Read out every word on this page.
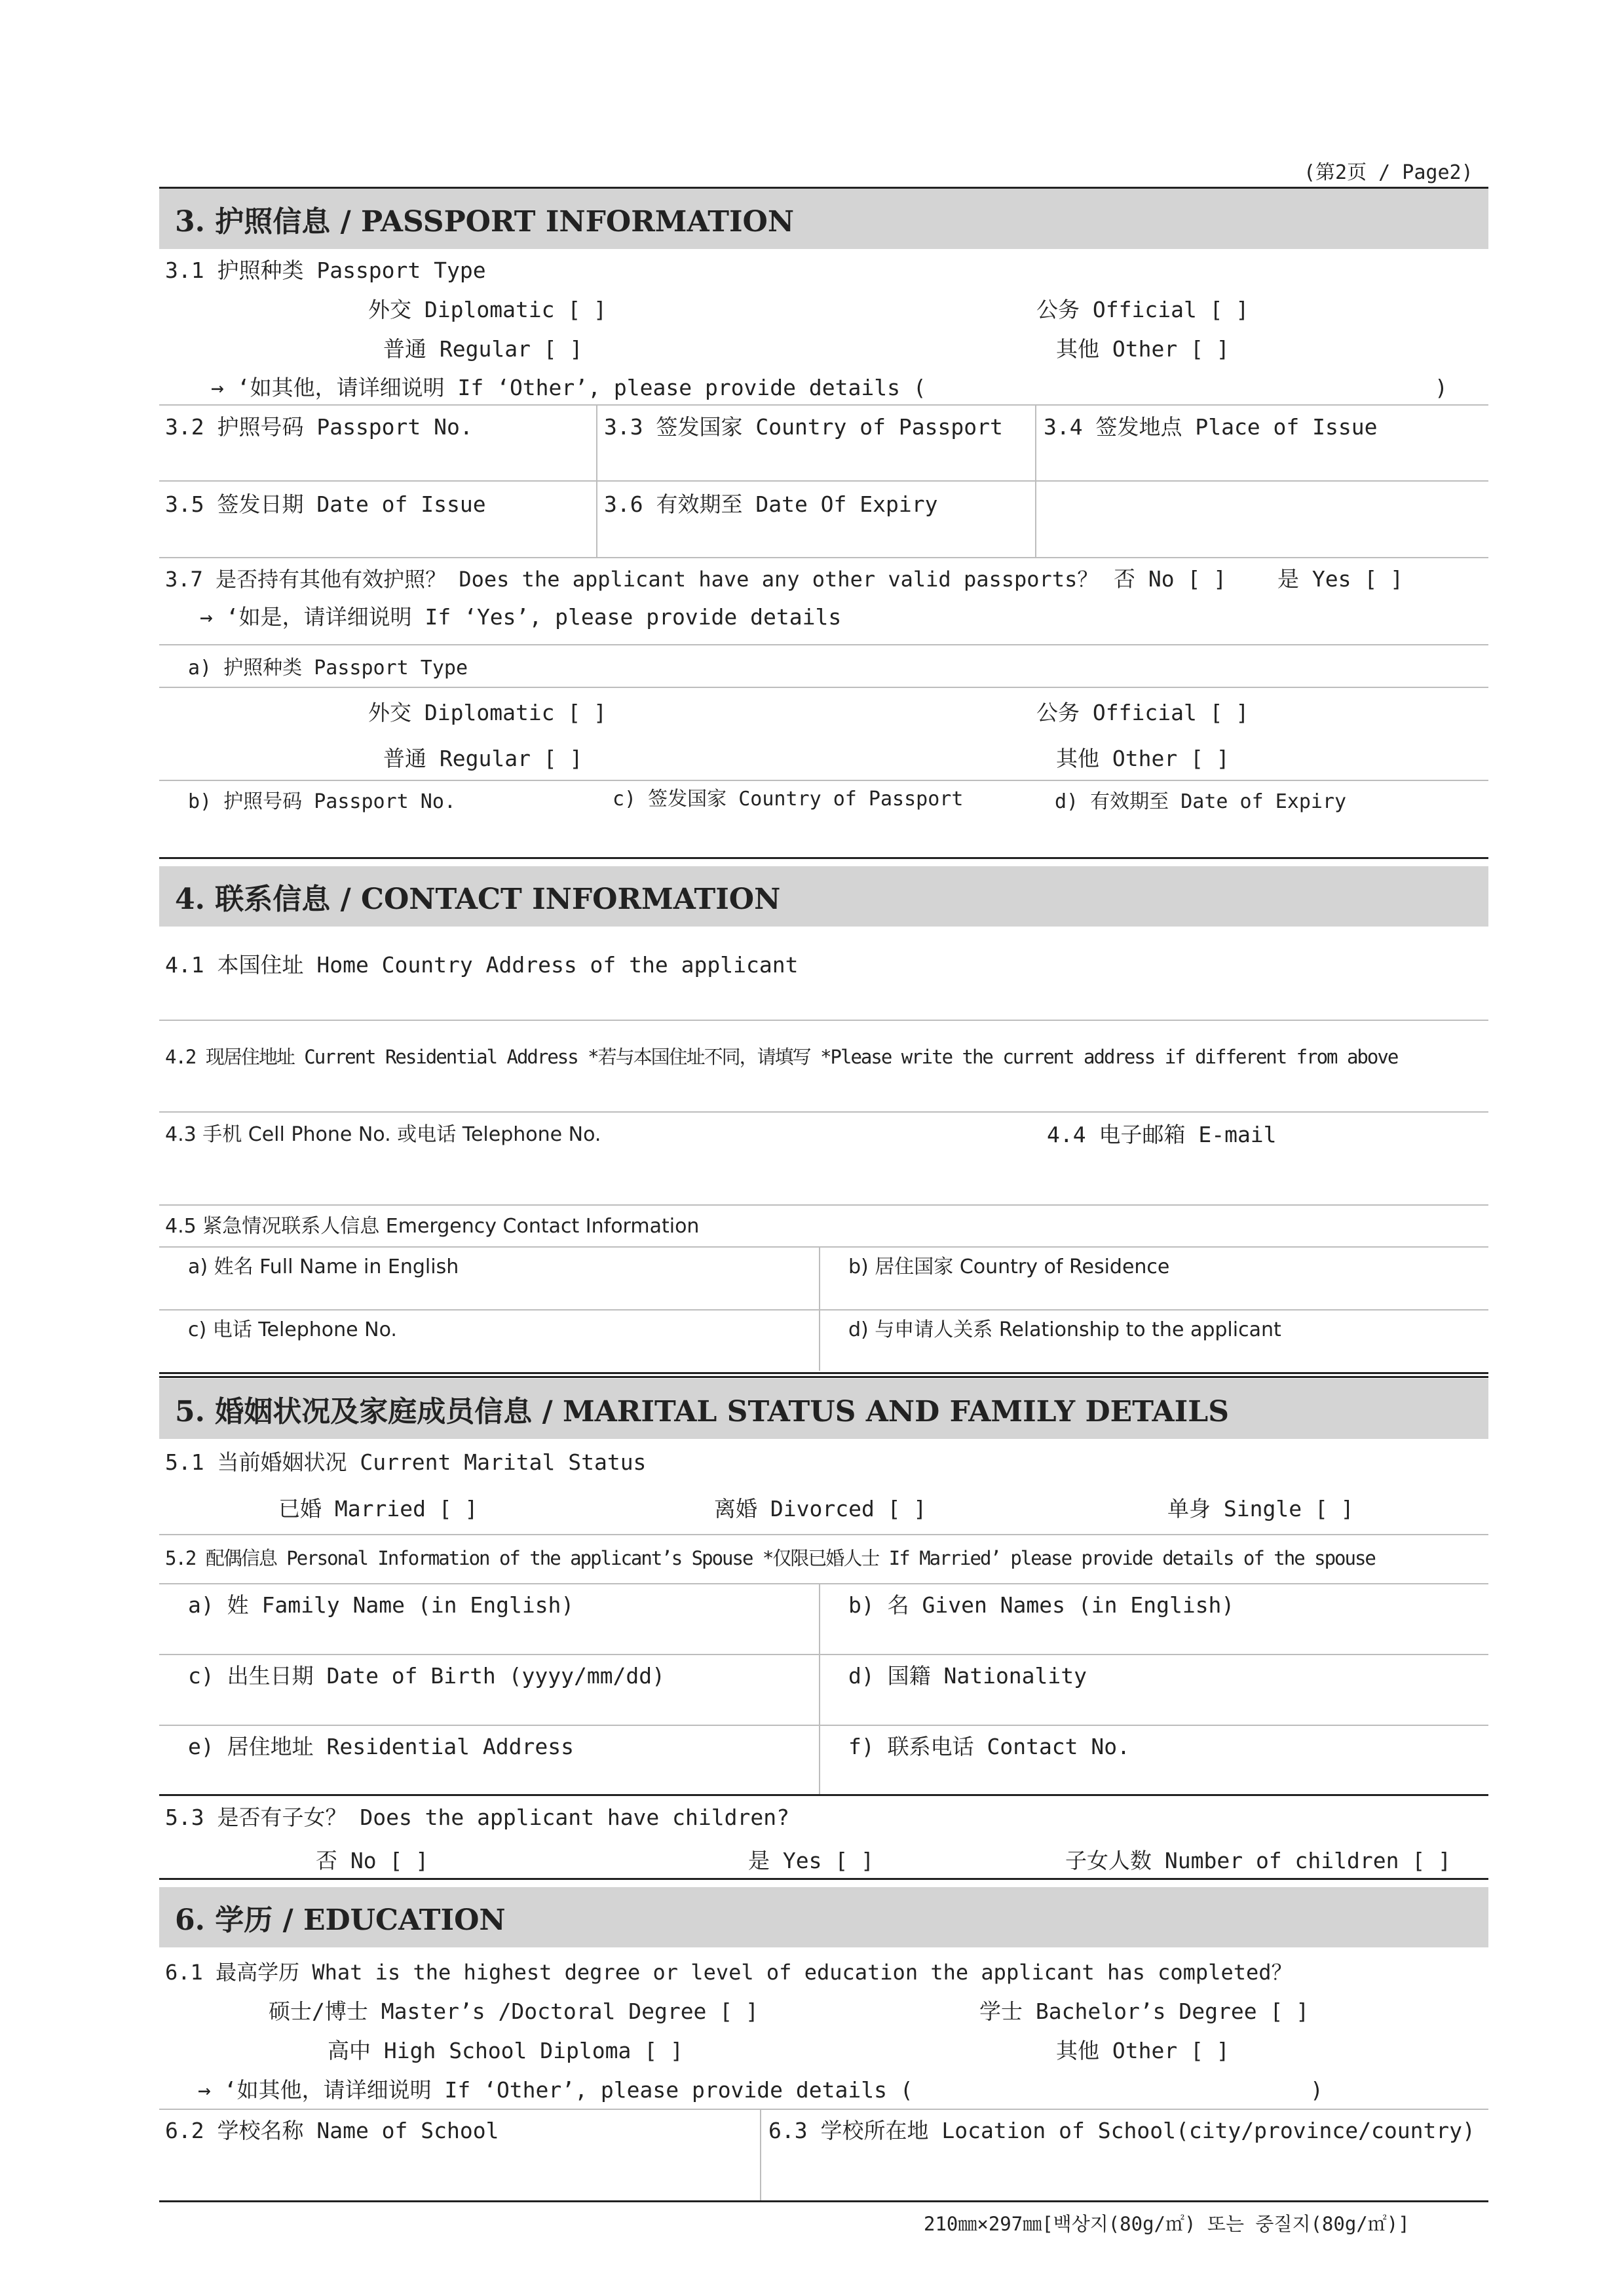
(第2页 / Page2)
3. 护照信息 / PASSPORT INFORMATION
3.1 护照种类 Passport Type
外交 Diplomatic [ ]	公务 Official [ ]
普通 Regular [ ]	其他 Other [ ]
→ ‘如其他，请详细说明 If ‘Other’, please provide details (	)
3.2 护照号码 Passport No.	3.3 签发国家 Country of Passport 3.4 签发地点 Place of Issue
3.5 签发日期 Date of Issue	3.6 有效期至 Date Of Expiry
3.7 是否持有其他有效护照？ Does the applicant have any other valid passports？ 否 No [ ] 是 Yes [ ]
→ ‘如是，请详细说明 If ‘Yes’, please provide details
a) 护照种类 Passport Type
外交 Diplomatic [ ]	公务 Official [ ]
普通 Regular [ ]	其他 Other [ ]
b) 护照号码 Passport No.	c) 签发国家 Country of Passport	d) 有效期至 Date of Expiry
4. 联系信息 / CONTACT INFORMATION
4.1 本国住址 Home Country Address of the applicant
4.2 现居住地址 Current Residential Address *若与本国住址不同，请填写 *Please write the current address if different from above
4.3 手机 Cell Phone No. 或电话 Telephone No.	4.4 电子邮箱 E-mail
4.5 紧急情况联系人信息 Emergency Contact Information
a) 姓名 Full Name in English	b) 居住国家 Country of Residence
c) 电话 Telephone No.	d) 与申请人关系 Relationship to the applicant
5. 婚姻状况及家庭成员信息 / MARITAL STATUS AND FAMILY DETAILS
5.1 当前婚姻状况 Current Marital Status
已婚 Married [ ]	离婚 Divorced [ ]	单身 Single [ ]
5.2 配偶信息 Personal Information of the applicant’s Spouse *仅限已婚人士 If Married’ please provide details of the spouse
a) 姓 Family Name (in English)	b) 名 Given Names (in English)
c) 出生日期 Date of Birth (yyyy/mm/dd)	d) 国籍 Nationality
e) 居住地址 Residential Address	f) 联系电话 Contact No.
5.3 是否有子女？ Does the applicant have children?
否 No [ ]	是 Yes [ ]	子女人数 Number of children [ ]
6. 学历 / EDUCATION
6.1 最高学历 What is the highest degree or level of education the applicant has completed？
硕士/博士 Master’s /Doctoral Degree [ ]	学士 Bachelor’s Degree [ ]
高中 High School Diploma [ ]	其他 Other [ ]
→ ‘如其他，请详细说明 If ‘Other’, please provide details (	)
6.2 学校名称 Name of School	6.3 学校所在地 Location of School(city/province/country)
210㎜×297㎜[백상지(80g/㎡) 또는 중질지(80g/㎡)]
